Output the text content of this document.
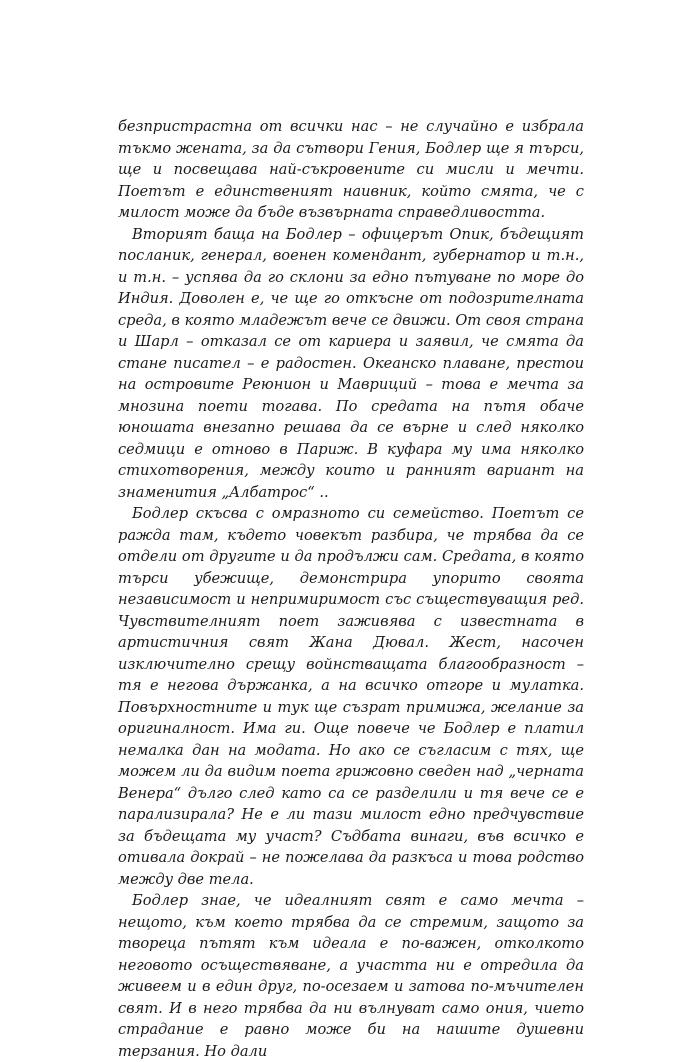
безпристрастна от всички нас – не случайно е избрала тъкмо жената, за да сътвори Гения, Бодлер ще я търси, ще и посвещава най-съкровените си мисли и мечти. Поетът е единственият наивник, който смята, че с милост може да бъде възвърната справедливостта.

Вторият баща на Бодлер – офицерът Опик, бъдещият посланик, генерал, военен комендант, губернатор и т.н., и т.н. – успява да го склони за едно пътуване по море до Индия. Доволен е, че ще го откъсне от подозрителната среда, в която младежът вече се движи. От своя страна и Шарл – отказал се от кариера и заявил, че смята да стане писател – е радостен. Океанско плаване, престои на островите Реюнион и Мавриций – това е мечта за мнозина поети тогава. По средата на пътя обаче юношата внезапно решава да се върне и след няколко седмици е отново в Париж. В куфара му има няколко стихотворения, между които и ранният вариант на знаменития „Албатрос“ ..

Бодлер скъсва с омразното си семейство. Поетът се ражда там, където човекът разбира, че трябва да се отдели от другите и да продължи сам. Средата, в която търси убежище, демонстрира упорито своята независимост и непримиримост със съществуващия ред. Чувствителният поет заживява с известната в артистичния свят Жана Дювал. Жест, насочен изключително срещу войнстващата благообразност – тя е негова държанка, а на всичко отгоре и мулатка. Повърхностните и тук ще съзрат примижа, желание за оригиналност. Има ги. Още повече че Бодлер е платил немалка дан на модата. Но ако се съгласим с тях, ще можем ли да видим поета грижовно сведен над „черната Венера“ дълго след като са се разделили и тя вече се е парализирала? Не е ли тази милост едно предчувствие за бъдещата му участ? Съдбата винаги, във всичко е отивала докрай – не пожелава да разкъса и това родство между две тела.

Бодлер знае, че идеалният свят е само мечта – нещото, към което трябва да се стремим, защото за твореца пътят към идеала е по-важен, отколкото неговото осъществяване, а участта ни е отредила да живеем и в един друг, по-осезаем и затова по-мъчителен свят. И в него трябва да ни вълнуват само ония, чието страдание е равно може би на нашите душевни терзания. Но дали
